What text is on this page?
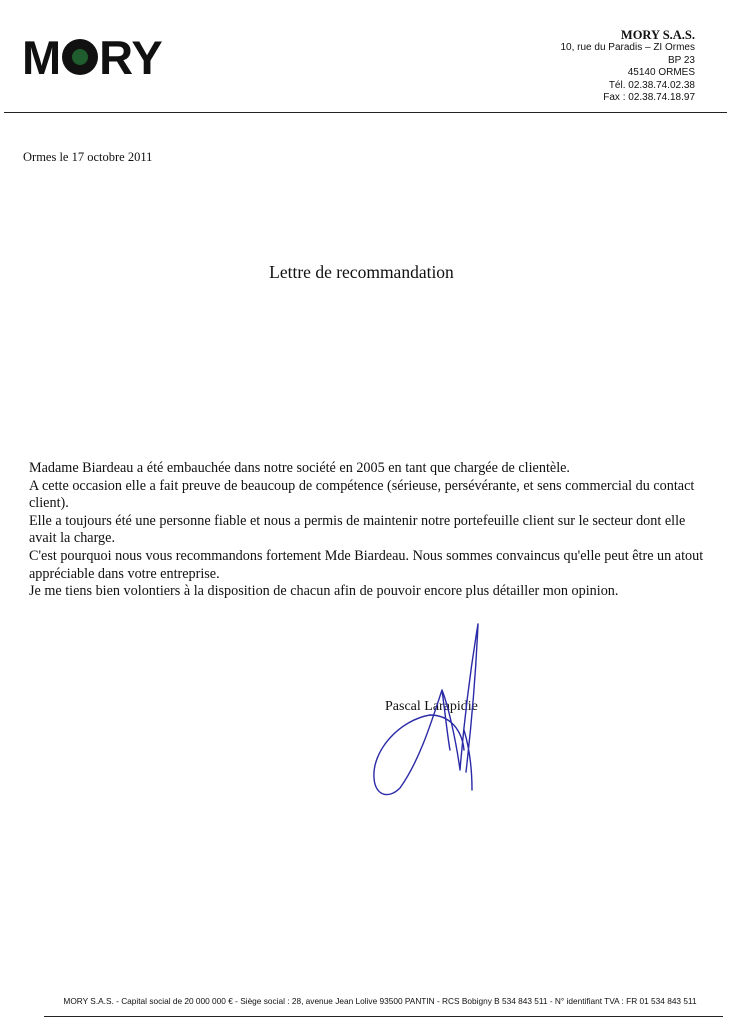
M RY	MORY S.A.S.
10, rue du Paradis – ZI Ormes
BP 23
45140 ORMES
Tél. 02.38.74.02.38
Fax : 02.38.74.18.97
Ormes le 17 octobre 2011
Lettre de recommandation

Madame Biardeau a été embauchée dans notre société en 2005 en tant que chargée de clientèle.

A cette occasion elle a fait preuve de beaucoup de compétence (sérieuse, persévérante, et sens commercial du contact client).

Elle a toujours été une personne fiable et nous a permis de maintenir notre portefeuille client sur le secteur dont elle avait la charge.

C'est pourquoi nous vous recommandons fortement Mde Biardeau. Nous sommes convaincus qu'elle peut être un atout appréciable dans votre entreprise.

Je me tiens bien volontiers à la disposition de chacun afin de pouvoir encore plus détailler mon opinion.

Pascal Larapidie
MORY S.A.S. - Capital social de 20 000 000 € - Siège social : 28, avenue Jean Lolive 93500 PANTIN - RCS Bobigny B 534 843 511 - N° identifiant TVA : FR 01 534 843 511
